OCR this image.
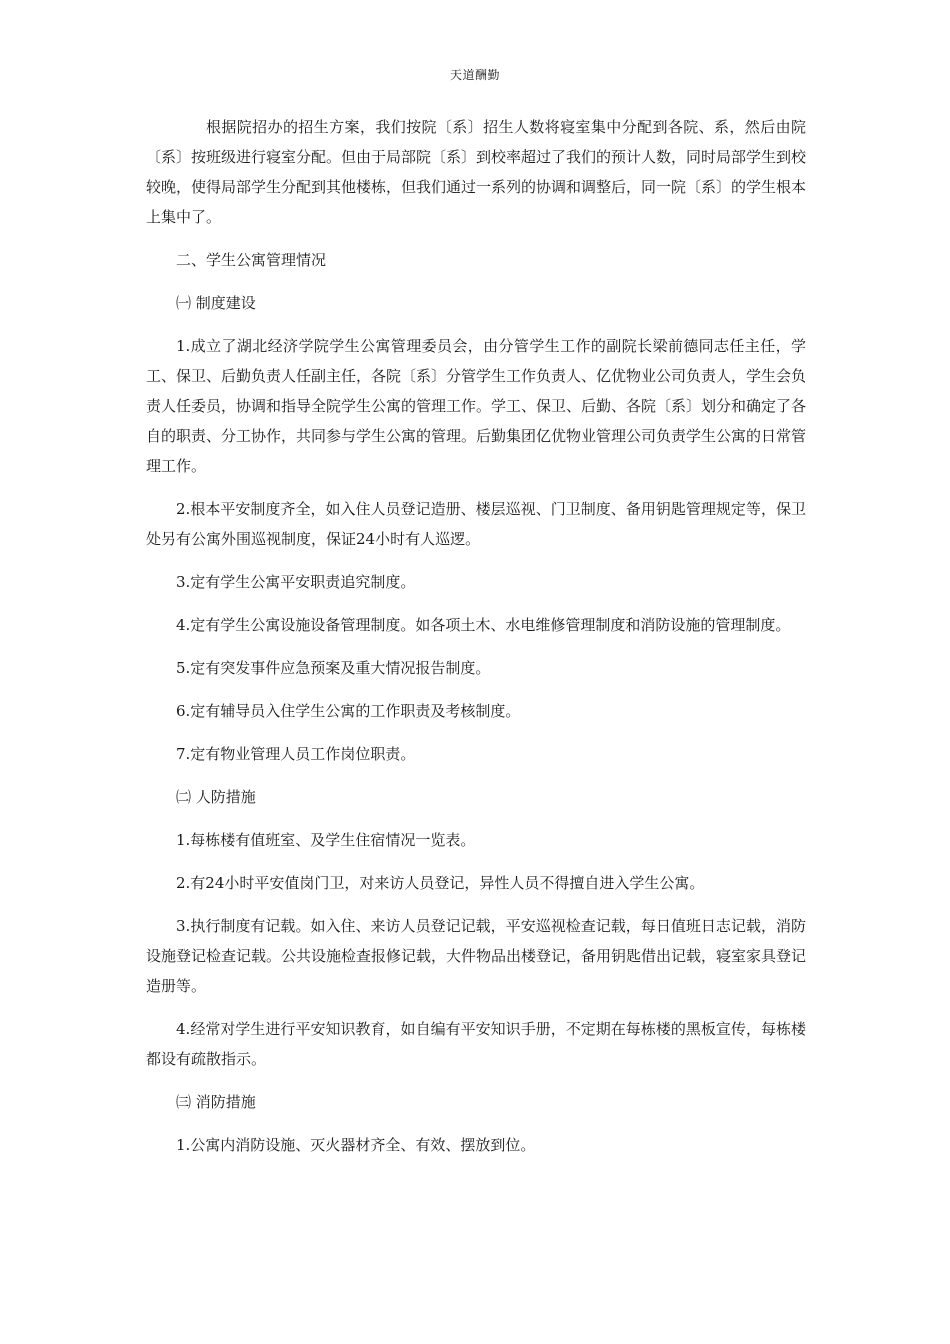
天道酬勤

根据院招办的招生方案，我们按院〔系〕招生人数将寝室集中分配到各院、系，然后由院〔系〕按班级进行寝室分配。但由于局部院〔系〕到校率超过了我们的预计人数，同时局部学生到校较晚，使得局部学生分配到其他楼栋，但我们通过一系列的协调和调整后，同一院〔系〕的学生根本上集中了。

二、学生公寓管理情况

㈠ 制度建设

1.成立了湖北经济学院学生公寓管理委员会，由分管学生工作的副院长梁前德同志任主任，学工、保卫、后勤负责人任副主任，各院〔系〕分管学生工作负责人、亿优物业公司负责人，学生会负责人任委员，协调和指导全院学生公寓的管理工作。学工、保卫、后勤、各院〔系〕划分和确定了各自的职责、分工协作，共同参与学生公寓的管理。后勤集团亿优物业管理公司负责学生公寓的日常管理工作。

2.根本平安制度齐全，如入住人员登记造册、楼层巡视、门卫制度、备用钥匙管理规定等，保卫处另有公寓外围巡视制度，保证24小时有人巡逻。

3.定有学生公寓平安职责追究制度。

4.定有学生公寓设施设备管理制度。如各项土木、水电维修管理制度和消防设施的管理制度。

5.定有突发事件应急预案及重大情况报告制度。

6.定有辅导员入住学生公寓的工作职责及考核制度。

7.定有物业管理人员工作岗位职责。

㈡ 人防措施

1.每栋楼有值班室、及学生住宿情况一览表。

2.有24小时平安值岗门卫，对来访人员登记，异性人员不得擅自进入学生公寓。

3.执行制度有记载。如入住、来访人员登记记载，平安巡视检查记载，每日值班日志记载，消防设施登记检查记载。公共设施检查报修记载，大件物品出楼登记，备用钥匙借出记载，寝室家具登记造册等。

4.经常对学生进行平安知识教育，如自编有平安知识手册，不定期在每栋楼的黑板宣传，每栋楼都设有疏散指示。

㈢ 消防措施

1.公寓内消防设施、灭火器材齐全、有效、摆放到位。
